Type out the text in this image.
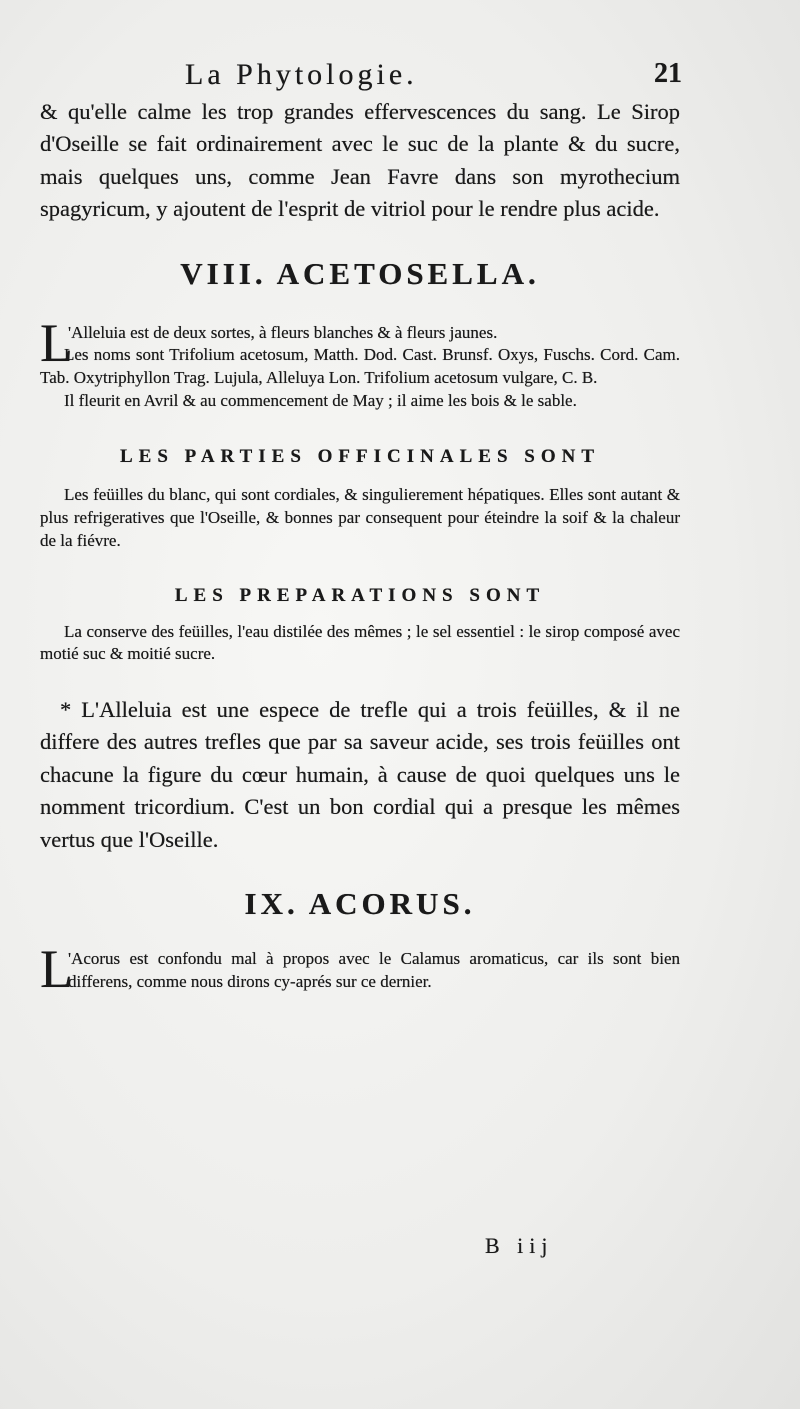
La Phytologie.	21

& qu'elle calme les trop grandes effervescences du sang. Le Sirop d'Oseille se fait ordinairement avec le suc de la plante & du sucre, mais quelques uns, comme Jean Favre dans son myrothecium spagyricum, y ajoutent de l'esprit de vitriol pour le rendre plus acide.

VIII. ACETOSELLA.
L
'Alleluia est de deux sortes, à fleurs blanches & à fleurs jaunes.

Les noms sont Trifolium acetosum, Matth. Dod. Cast. Brunsf. Oxys, Fuschs. Cord. Cam. Tab. Oxytriphyllon Trag. Lujula, Alleluya Lon. Trifolium acetosum vulgare, C. B.

Il fleurit en Avril & au commencement de May ; il aime les bois & le sable.

LES PARTIES OFFICINALES SONT

Les feüilles du blanc, qui sont cordiales, & singulierement hépatiques. Elles sont autant & plus refrigeratives que l'Oseille, & bonnes par consequent pour éteindre la soif & la chaleur de la fiévre.

LES PREPARATIONS SONT

La conserve des feüilles, l'eau distilée des mêmes ; le sel essentiel : le sirop composé avec motié suc & moitié sucre.

* L'Alleluia est une espece de trefle qui a trois feüilles, & il ne differe des autres trefles que par sa saveur acide, ses trois feüilles ont chacune la figure du cœur humain, à cause de quoi quelques uns le nomment tricordium. C'est un bon cordial qui a presque les mêmes vertus que l'Oseille.

IX. ACORUS.
L
'Acorus est confondu mal à propos avec le Calamus aromaticus, car ils sont bien differens, comme nous dirons cy-aprés sur ce dernier.
B iij
